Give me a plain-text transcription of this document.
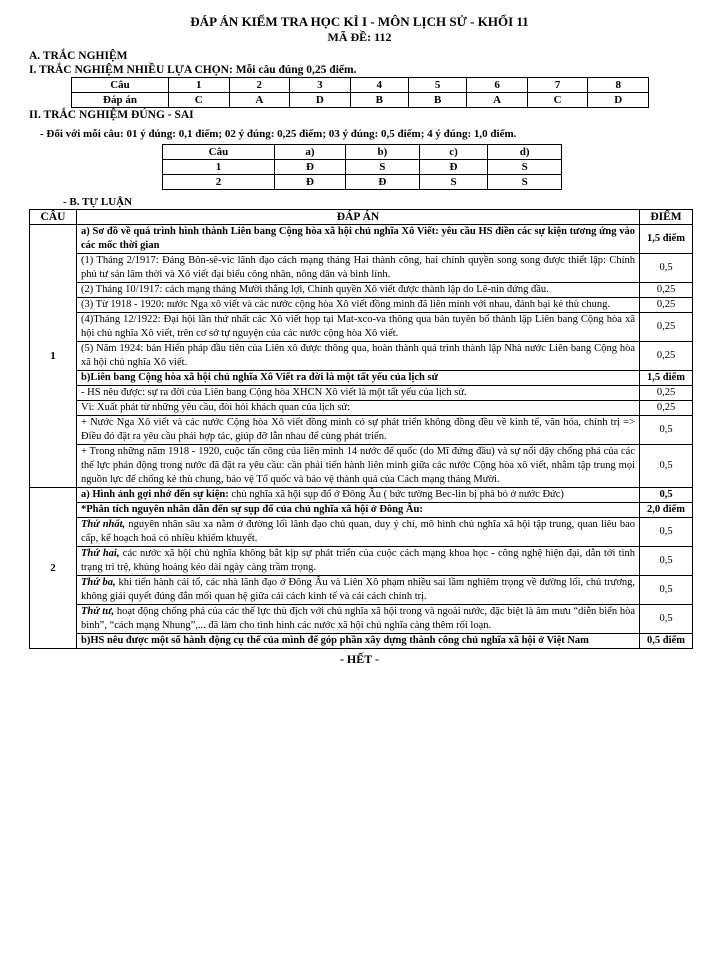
ĐÁP ÁN KIỂM TRA HỌC KÌ I - MÔN LỊCH SỬ - KHỐI 11

MÃ ĐỀ: 112

A. TRẮC NGHIỆM

I. TRẮC NGHIỆM NHIỀU LỰA CHỌN: Mỗi câu đúng 0,25 điểm.

Câu	1	2	3	4	5	6	7	8
Đáp án	C	A	D	B	B	A	C	D

II. TRẮC NGHIỆM ĐÚNG - SAI

- Đối với mỗi câu: 01 ý đúng: 0,1 điểm; 02 ý đúng: 0,25 điểm; 03 ý đúng: 0,5 điểm; 4 ý đúng: 1,0 điểm.

Câu	a)	b)	c)	d)
1	Đ	S	Đ	S
2	Đ	Đ	S	S

- B. TỰ LUẬN

CÂU	ĐÁP ÁN	ĐIỂM
1	a) Sơ đồ về quá trình hình thành Liên bang Cộng hòa xã hội chủ nghĩa Xô Viết: yêu cầu HS điền các sự kiện tương ứng vào các mốc thời gian	1,5 điểm
	(1) Tháng 2/1917: Đảng Bôn-sê-vic lãnh đạo cách mạng tháng Hai thành công, hai chính quyền song song được thiết lập: Chính phủ tư sản lâm thời và Xô viết đại biểu công nhân, nông dân và binh lính.	0,5
	(2) Tháng 10/1917: cách mạng tháng Mười thắng lợi, Chính quyền Xô viết được thành lập do Lê-nin đứng đầu.	0,25
	(3) Từ 1918 - 1920: nước Nga xô viết và các nước cộng hòa Xô viết đồng minh đã liên minh với nhau, đánh bại kẻ thù chung.	0,25
	(4)Tháng 12/1922: Đại hội lần thứ nhất các Xô viết họp tại Mat-xco-va thông qua bản tuyên bố thành lập Liên bang Cộng hòa xã hội chủ nghĩa Xô viết, trên cơ sở tự nguyện của các nước cộng hòa Xô viết.	0,25
	(5) Năm 1924: bản Hiến pháp đầu tiên của Liên xô được thông qua, hoàn thành quá trình thành lập Nhà nước Liên bang Cộng hòa xã hội chủ nghĩa Xô viết.	0,25
	b)Liên bang Cộng hòa xã hội chủ nghĩa Xô Viết ra đời là một tất yếu của lịch sử	1,5 điểm
	- HS nêu được: sự ra đời của Liên bang Cộng hòa XHCN Xô viết là một tất yếu của lịch sử.	0,25
	Vì: Xuất phát từ những yêu cầu, đòi hỏi khách quan của lịch sử:	0,25
	+ Nước Nga Xô viết và các nước Cộng hòa Xô viết đồng minh có sự phát triển không đồng đều về kinh tế, văn hóa, chính trị => Điều đó đặt ra yêu cầu phải hợp tác, giúp đỡ lẫn nhau để cùng phát triển.	0,5
	+ Trong những năm 1918 - 1920, cuộc tấn công của liên minh 14 nước đế quốc (do Mĩ đứng đầu) và sự nổi dậy chống phá của các thế lực phản động trong nước đã đặt ra yêu cầu: cần phải tiến hành liên minh giữa các nước Cộng hòa xô viết, nhằm tập trung mọi nguồn lực để chống kẻ thù chung, bảo vệ Tổ quốc và bảo vệ thành quả của Cách mạng tháng Mười.	0,5
2	a) Hình ảnh gợi nhớ đến sự kiện: chủ nghĩa xã hội sụp đổ ở Đông Âu ( bức tường Bec-lin bị phá bỏ ở nước Đức)	0,5
	*Phân tích nguyên nhân dẫn đến sự sụp đổ của chủ nghĩa xã hội ở Đông Âu:	2,0 điểm
	Thứ nhất, nguyên nhân sâu xa nằm ở đường lối lãnh đạo chủ quan, duy ý chí, mô hình chủ nghĩa xã hội tập trung, quan liêu bao cấp, kế hoạch hoá có nhiều khiếm khuyết.	0,5
	Thứ hai, các nước xã hội chủ nghĩa không bắt kịp sự phát triển của cuộc cách mạng khoa học - công nghệ hiện đại, dẫn tới tình trạng trì trệ, khủng hoảng kéo dài ngày càng trầm trọng.	0,5
	Thứ ba, khi tiến hành cải tổ, các nhà lãnh đạo ở Đông Âu và Liên Xô phạm nhiều sai lầm nghiêm trọng về đường lối, chủ trương, không giải quyết đúng đắn mối quan hệ giữa cải cách kinh tế và cải cách chính trị.	0,5
	Thứ tư, hoạt động chống phá của các thế lực thù địch với chủ nghĩa xã hội trong và ngoài nước, đặc biệt là âm mưu “diễn biến hòa bình”, “cách mạng Nhung”,... đã làm cho tình hình các nước xã hội chủ nghĩa càng thêm rối loạn.	0,5
	b)HS nêu được một số hành động cụ thể của mình để góp phần xây dựng thành công chủ nghĩa xã hội ở Việt Nam	0,5 điểm

- HẾT -
